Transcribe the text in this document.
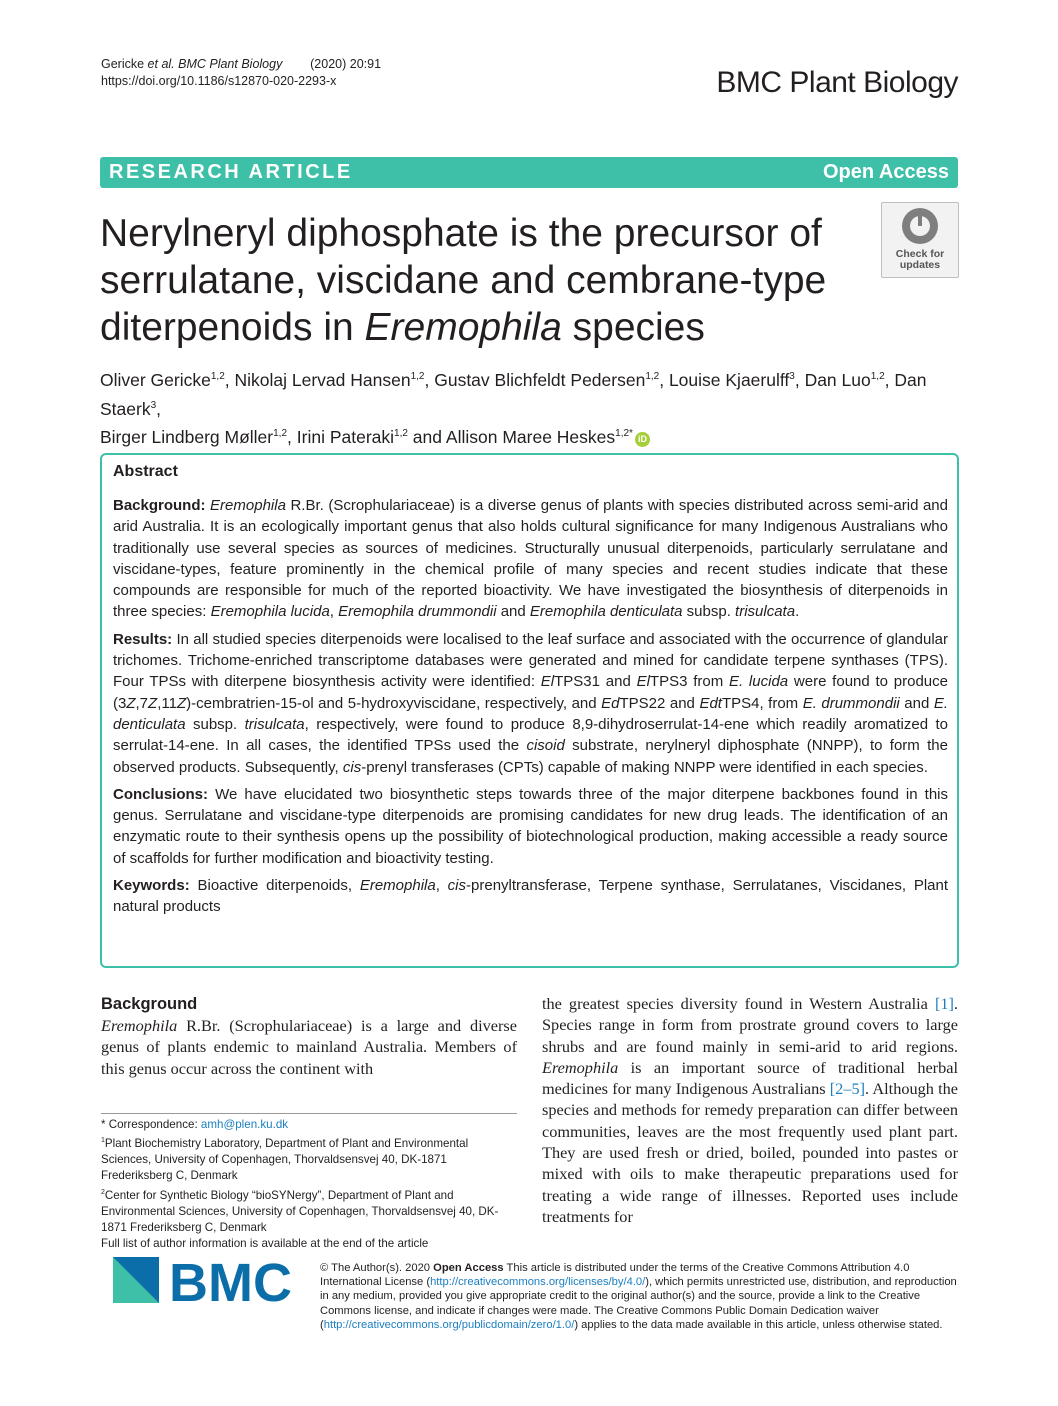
Gericke et al. BMC Plant Biology (2020) 20:91
https://doi.org/10.1186/s12870-020-2293-x	BMC Plant Biology
RESEARCH ARTICLE	Open Access
Nerylneryl diphosphate is the precursor of
serrulatane, viscidane and cembrane-type
diterpenoids in Eremophila species
Check for
updates
Oliver Gericke$^{1,2}$, Nikolaj Lervad Hansen$^{1,2}$, Gustav Blichfeldt Pedersen$^{1,2}$, Louise Kjaerulff$^3$, Dan Luo$^{1,2}$, Dan Staerk$^3$,
Birger Lindberg Møller$^{1,2}$, Irini Pateraki$^{1,2}$ and Allison Maree Heskes$^{1,2*}$ iD
Abstract

Background: Eremophila R.Br. (Scrophulariaceae) is a diverse genus of plants with species distributed across semi-arid and arid Australia. It is an ecologically important genus that also holds cultural significance for many Indigenous Australians who traditionally use several species as sources of medicines. Structurally unusual diterpenoids, particularly serrulatane and viscidane-types, feature prominently in the chemical profile of many species and recent studies indicate that these compounds are responsible for much of the reported bioactivity. We have investigated the biosynthesis of diterpenoids in three species: Eremophila lucida, Eremophila drummondii and Eremophila denticulata subsp. trisulcata.

Results: In all studied species diterpenoids were localised to the leaf surface and associated with the occurrence of glandular trichomes. Trichome-enriched transcriptome databases were generated and mined for candidate terpene synthases (TPS). Four TPSs with diterpene biosynthesis activity were identified: ElTPS31 and ElTPS3 from E. lucida were found to produce (3Z,7Z,11Z)-cembratrien-15-ol and 5-hydroxyviscidane, respectively, and EdTPS22 and EdtTPS4, from E. drummondii and E. denticulata subsp. trisulcata, respectively, were found to produce 8,9-dihydroserrulat-14-ene which readily aromatized to serrulat-14-ene. In all cases, the identified TPSs used the cisoid substrate, nerylneryl diphosphate (NNPP), to form the observed products. Subsequently, cis-prenyl transferases (CPTs) capable of making NNPP were identified in each species.

Conclusions: We have elucidated two biosynthetic steps towards three of the major diterpene backbones found in this genus. Serrulatane and viscidane-type diterpenoids are promising candidates for new drug leads. The identification of an enzymatic route to their synthesis opens up the possibility of biotechnological production, making accessible a ready source of scaffolds for further modification and bioactivity testing.

Keywords: Bioactive diterpenoids, Eremophila, cis-prenyltransferase, Terpene synthase, Serrulatanes, Viscidanes, Plant natural products

Background
Eremophila R.Br. (Scrophulariaceae) is a large and diverse genus of plants endemic to mainland Australia. Members of this genus occur across the continent with
* Correspondence: amh@plen.ku.dk
$^1$Plant Biochemistry Laboratory, Department of Plant and Environmental Sciences, University of Copenhagen, Thorvaldsensvej 40, DK-1871 Frederiksberg C, Denmark
$^2$Center for Synthetic Biology “bioSYNergy”, Department of Plant and Environmental Sciences, University of Copenhagen, Thorvaldsensvej 40, DK-1871 Frederiksberg C, Denmark
Full list of author information is available at the end of the article
the greatest species diversity found in Western Australia [1]. Species range in form from prostrate ground covers to large shrubs and are found mainly in semi-arid to arid regions. Eremophila is an important source of traditional herbal medicines for many Indigenous Australians [2–5]. Although the species and methods for remedy preparation can differ between communities, leaves are the most frequently used plant part. They are used fresh or dried, boiled, pounded into pastes or mixed with oils to make therapeutic preparations used for treating a wide range of illnesses. Reported uses include treatments for
BMC	© The Author(s). 2020 Open Access This article is distributed under the terms of the Creative Commons Attribution 4.0 International License (http://creativecommons.org/licenses/by/4.0/), which permits unrestricted use, distribution, and reproduction in any medium, provided you give appropriate credit to the original author(s) and the source, provide a link to the Creative Commons license, and indicate if changes were made. The Creative Commons Public Domain Dedication waiver (http://creativecommons.org/publicdomain/zero/1.0/) applies to the data made available in this article, unless otherwise stated.
